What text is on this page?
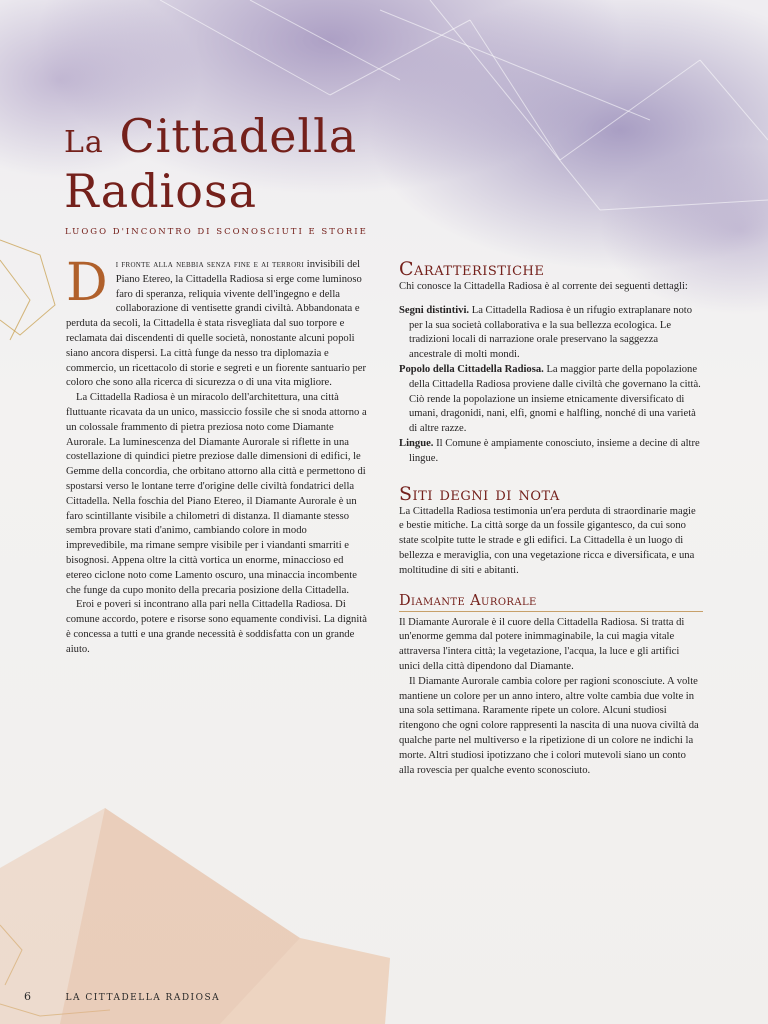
La Cittadella
Radiosa

LUOGO D'INCONTRO DI SCONOSCIUTI E STORIE

D i fronte alla nebbia senza fine e ai terrori invisibili del Piano Etereo, la Cittadella Radiosa si erge come luminoso faro di speranza, reliquia vivente dell'ingegno e della collaborazione di ventisette grandi civiltà. Abbandonata e perduta da secoli, la Cittadella è stata risvegliata dal suo torpore e reclamata dai discendenti di quelle società, nonostante alcuni popoli siano ancora dispersi. La città funge da nesso tra diplomazia e commercio, un ricettacolo di storie e segreti e un fiorente santuario per coloro che sono alla ricerca di sicurezza o di una vita migliore.

La Cittadella Radiosa è un miracolo dell'architettura, una città fluttuante ricavata da un unico, massiccio fossile che si snoda attorno a un colossale frammento di pietra preziosa noto come Diamante Aurorale. La luminescenza del Diamante Aurorale si riflette in una costellazione di quindici pietre preziose dalle dimensioni di edifici, le Gemme della concordia, che orbitano attorno alla città e permettono di spostarsi verso le lontane terre d'origine delle civiltà fondatrici della Cittadella. Nella foschia del Piano Etereo, il Diamante Aurorale è un faro scintillante visibile a chilometri di distanza. Il diamante stesso sembra provare stati d'animo, cambiando colore in modo imprevedibile, ma rimane sempre visibile per i viandanti smarriti e bisognosi. Appena oltre la città vortica un enorme, minaccioso ed etereo ciclone noto come Lamento oscuro, una minaccia incombente che funge da cupo monito della precaria posizione della Cittadella.

Eroi e poveri si incontrano alla pari nella Cittadella Radiosa. Di comune accordo, potere e risorse sono equamente condivisi. La dignità è concessa a tutti e una grande necessità è soddisfatta con un grande aiuto.

Caratteristiche

Chi conosce la Cittadella Radiosa è al corrente dei seguenti dettagli:

Segni distintivi. La Cittadella Radiosa è un rifugio extraplanare noto per la sua società collaborativa e la sua bellezza ecologica. Le tradizioni locali di narrazione orale preservano la saggezza ancestrale di molti mondi.

Popolo della Cittadella Radiosa. La maggior parte della popolazione della Cittadella Radiosa proviene dalle civiltà che governano la città. Ciò rende la popolazione un insieme etnicamente diversificato di umani, dragonidi, nani, elfi, gnomi e halfling, nonché di una varietà di altre razze.

Lingue. Il Comune è ampiamente conosciuto, insieme a decine di altre lingue.

Siti degni di nota

La Cittadella Radiosa testimonia un'era perduta di straordinarie magie e bestie mitiche. La città sorge da un fossile gigantesco, da cui sono state scolpite tutte le strade e gli edifici. La Cittadella è un luogo di bellezza e meraviglia, con una vegetazione ricca e diversificata, e una moltitudine di siti e abitanti.

Diamante Aurorale

Il Diamante Aurorale è il cuore della Cittadella Radiosa. Si tratta di un'enorme gemma dal potere inimmaginabile, la cui magia vitale attraversa l'intera città; la vegetazione, l'acqua, la luce e gli artifici unici della città dipendono dal Diamante.

Il Diamante Aurorale cambia colore per ragioni sconosciute. A volte mantiene un colore per un anno intero, altre volte cambia due volte in una sola settimana. Raramente ripete un colore. Alcuni studiosi ritengono che ogni colore rappresenti la nascita di una nuova civiltà da qualche parte nel multiverso e la ripetizione di un colore ne indichi la morte. Altri studiosi ipotizzano che i colori mutevoli siano un conto alla rovescia per qualche evento sconosciuto.

6	LA CITTADELLA RADIOSA
